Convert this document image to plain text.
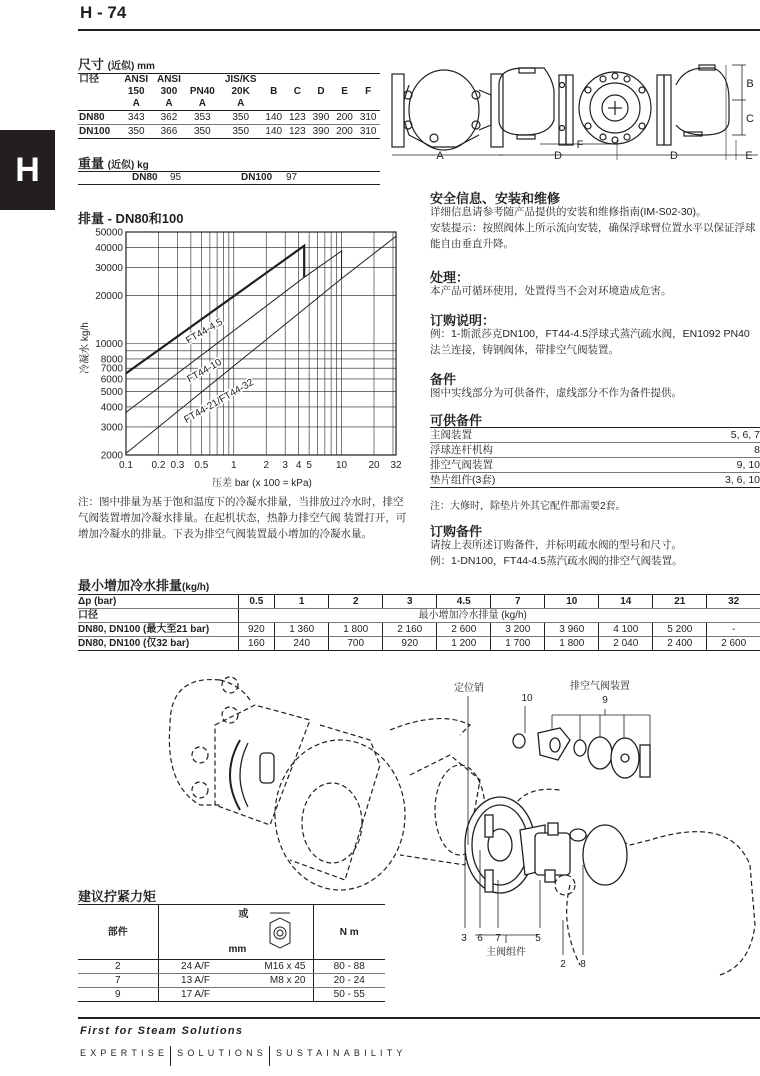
H - 74
H
尺寸 (近似) mm
口径	ANSI	ANSI		JIS/KS					
	150	300	PN40	20K	B	C	D	E	F
	A	A	A	A					
DN80	343	362	353	350	140	123	390	200	310
DN100	350	366	350	350	140	123	390	200	310
重量 (近似) kg
DN80 95	DN100 97
A	D
F
D	E
B
C
排量 - DN80和100
2000
3000
4000
5000
6000
7000
8000
10000
20000
30000
40000
50000
0.1 0.2 0.3 0.5 1	2 3 4 5 10 20 32
FT44-4.5
FT44-10
FT44-21/FT44-32
压差 bar (x 100 = kPa)
冷凝水 kg/h
注：图中排量为基于饱和温度下的冷凝水排量，当排放过冷水时，排空气阀装置增加冷凝水排量。在起机状态，热静力排空气阀 装置打开，可增加冷凝水的排量。下表为排空气阀装置最小增加的冷凝水量。
最小增加冷水排量(kg/h)
Δp (bar)	0.5	1	2	3	4.5	7	10	14	21	32
口径	最小增加冷水排量 (kg/h)									
DN80, DN100 (最大至21 bar)	920	1 360	1 800	2 160	2 600	3 200	3 960	4 100	5 200	-
DN80, DN100 (仅32 bar)	160	240	700	920	1 200	1 700	1 800	2 040	2 400	2 600
安全信息、安装和维修
详细信息请参考随产品提供的安装和维修指南(IM-S02-30)。
安装提示：按照阀体上所示流向安装，确保浮球臂位置水平以保证浮球能自由垂直升降。
处理：
本产品可循环使用，处置得当不会对环境造成危害。
订购说明：
例：1-斯派莎克DN100，FT44-4.5浮球式蒸汽疏水阀，EN1092 PN40法兰连接，铸钢阀体，带排空气阀装置。
备件
图中实线部分为可供备件，虚线部分不作为备件提供。
可供备件
主阀装置	5, 6, 7
浮球连杆机构	8
排空气阀装置	9, 10
垫片组件(3套)	3, 6, 10
注：大修时，除垫片外其它配件都需要2套。
订购备件
请按上表所述订购备件，并标明疏水阀的型号和尺寸。
例：1-DN100，FT44-4.5蒸汽疏水阀的排空气阀装置。
定位销	排空气阀装置
10	9
3 6 7	5
2 8
主阀组件
建议拧紧力矩
部件	或
mm	N m
2	24 A/F M16 x 45	80 - 88
7	13 A/F M8 x 20	20 - 24
9	17 A/F	50 - 55
First for Steam Solutions
EXPERTISE SOLUTIONS SUSTAINABILITY
